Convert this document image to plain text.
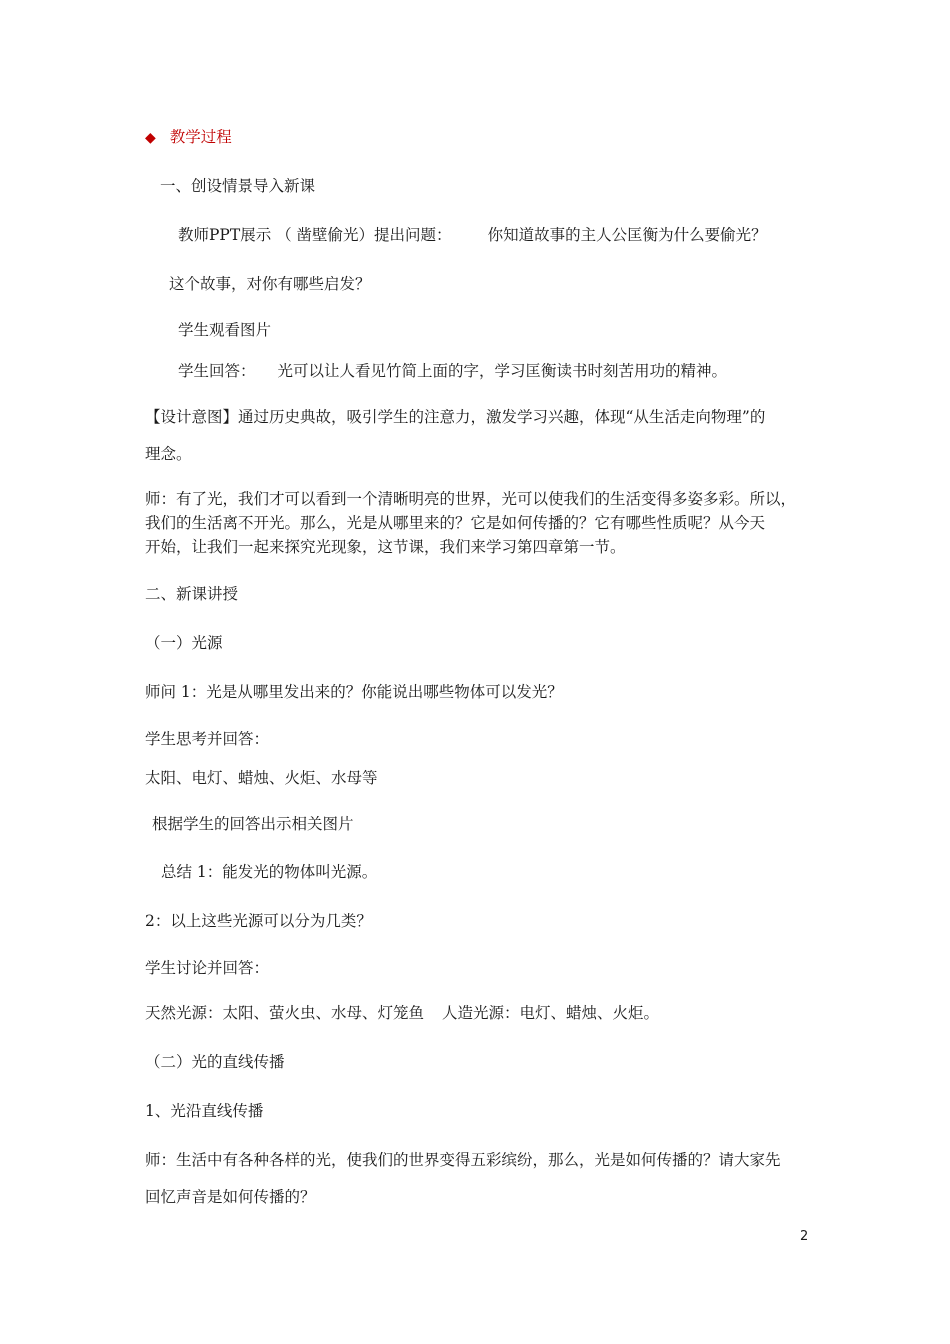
◆ 教学过程
一、创设情景导入新课
教师PPT展示 （ 凿壁偷光）提出问题： 你知道故事的主人公匡衡为什么要偷光？
这个故事，对你有哪些启发？
学生观看图片
学生回答： 光可以让人看见竹简上面的字，学习匡衡读书时刻苦用功的精神。
【设计意图】通过历史典故，吸引学生的注意力，激发学习兴趣，体现“从生活走向物理”的
理念。
师：有了光，我们才可以看到一个清晰明亮的世界，光可以使我们的生活变得多姿多彩。所以，
我们的生活离不开光。那么，光是从哪里来的？它是如何传播的？它有哪些性质呢？从今天
开始，让我们一起来探究光现象，这节课，我们来学习第四章第一节。
二、新课讲授
（一）光源
师问 1：光是从哪里发出来的？你能说出哪些物体可以发光？
学生思考并回答：
太阳、电灯、蜡烛、火炬、水母等
根据学生的回答出示相关图片
总结 1：能发光的物体叫光源。
2：以上这些光源可以分为几类？
学生讨论并回答：
天然光源：太阳、萤火虫、水母、灯笼鱼 人造光源：电灯、蜡烛、火炬。
（二）光的直线传播
1、光沿直线传播
师：生活中有各种各样的光，使我们的世界变得五彩缤纷，那么，光是如何传播的？请大家先
回忆声音是如何传播的？
2
